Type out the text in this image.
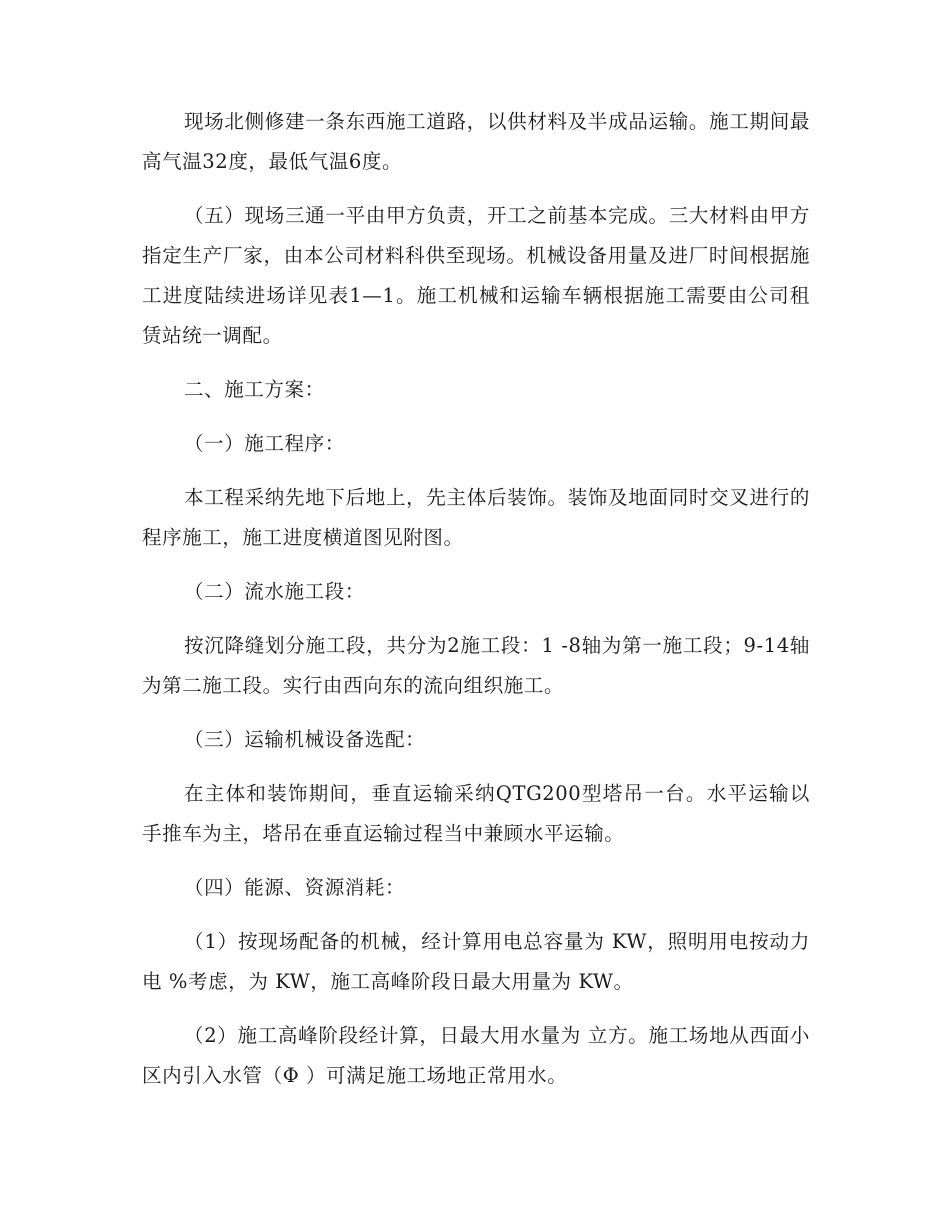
现场北侧修建一条东西施工道路，以供材料及半成品运输。施工期间最高气温32度，最低气温6度。

（五）现场三通一平由甲方负责，开工之前基本完成。三大材料由甲方指定生产厂家，由本公司材料科供至现场。机械设备用量及进厂时间根据施工进度陆续进场详见表1—1。施工机械和运输车辆根据施工需要由公司租赁站统一调配。

二、施工方案：

（一）施工程序：

本工程采纳先地下后地上，先主体后装饰。装饰及地面同时交叉进行的程序施工，施工进度横道图见附图。

（二）流水施工段：

按沉降缝划分施工段，共分为2施工段：1 -8轴为第一施工段；9-14轴为第二施工段。实行由西向东的流向组织施工。

（三）运输机械设备选配：

在主体和装饰期间，垂直运输采纳QTG200型塔吊一台。水平运输以手推车为主，塔吊在垂直运输过程当中兼顾水平运输。

（四）能源、资源消耗：

（1）按现场配备的机械，经计算用电总容量为 KW，照明用电按动力电 %考虑，为 KW，施工高峰阶段日最大用量为 KW。

（2）施工高峰阶段经计算，日最大用水量为 立方。施工场地从西面小区内引入水管（Φ ）可满足施工场地正常用水。
